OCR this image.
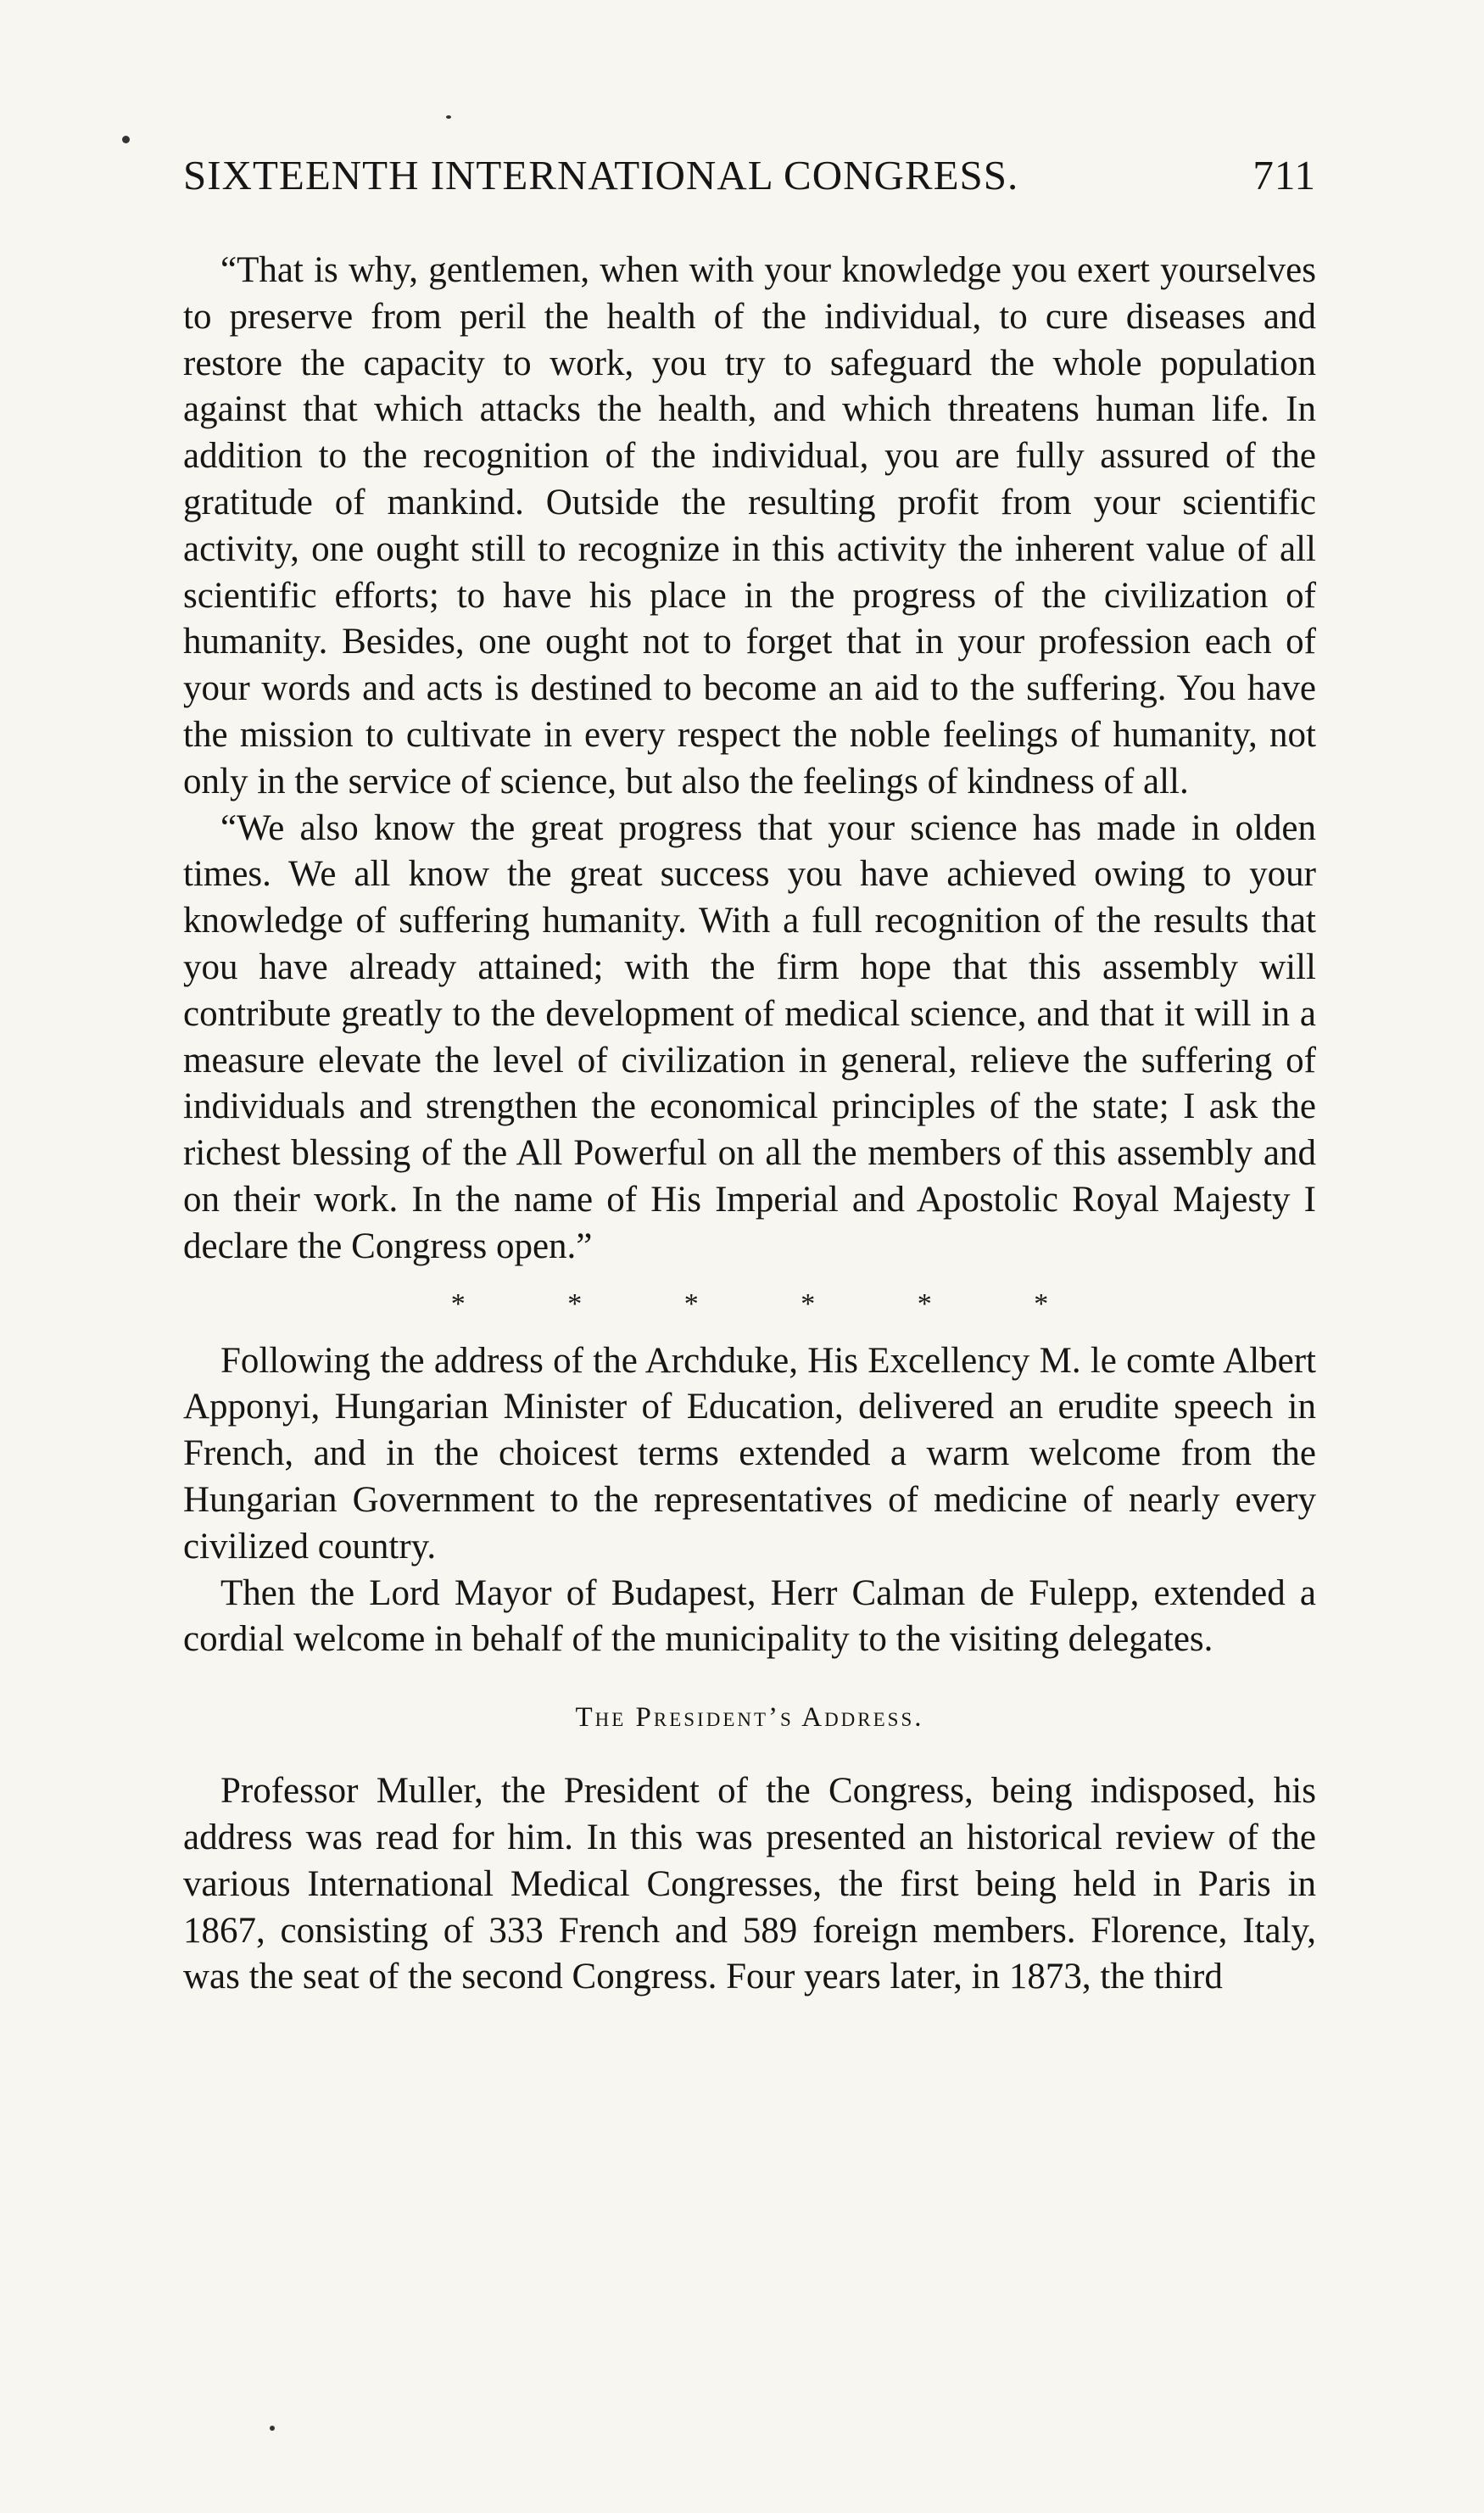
SIXTEENTH INTERNATIONAL CONGRESS.	711

“That is why, gentlemen, when with your knowledge you exert yourselves to preserve from peril the health of the individual, to cure diseases and restore the capacity to work, you try to safeguard the whole population against that which attacks the health, and which threatens human life. In addition to the recognition of the individual, you are fully assured of the gratitude of mankind. Outside the resulting profit from your scientific activity, one ought still to recognize in this activity the inherent value of all scientific efforts; to have his place in the progress of the civilization of humanity. Besides, one ought not to forget that in your profession each of your words and acts is destined to become an aid to the suffering. You have the mission to cultivate in every respect the noble feelings of humanity, not only in the service of science, but also the feelings of kindness of all.

“We also know the great progress that your science has made in olden times. We all know the great success you have achieved owing to your knowledge of suffering humanity. With a full recognition of the results that you have already attained; with the firm hope that this assembly will contribute greatly to the development of medical science, and that it will in a measure elevate the level of civilization in general, relieve the suffering of individuals and strengthen the economical principles of the state; I ask the richest blessing of the All Powerful on all the members of this assembly and on their work. In the name of His Imperial and Apostolic Royal Majesty I declare the Congress open.”

* * * * * *

Following the address of the Archduke, His Excellency M. le comte Albert Apponyi, Hungarian Minister of Education, delivered an erudite speech in French, and in the choicest terms extended a warm welcome from the Hungarian Government to the representatives of medicine of nearly every civilized country.

Then the Lord Mayor of Budapest, Herr Calman de Fulepp, extended a cordial welcome in behalf of the municipality to the visiting delegates.

The President’s Address.

Professor Muller, the President of the Congress, being indisposed, his address was read for him. In this was presented an historical review of the various International Medical Congresses, the first being held in Paris in 1867, consisting of 333 French and 589 foreign members. Florence, Italy, was the seat of the second Congress. Four years later, in 1873, the third
